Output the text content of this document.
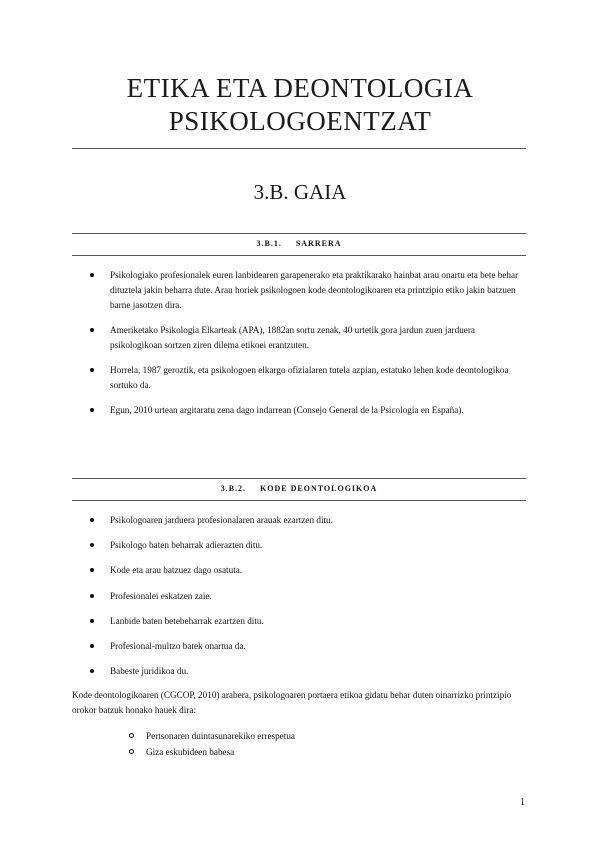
ETIKA ETA DEONTOLOGIA
PSIKOLOGOENTZAT
3.B. GAIA
3.B.1. SARRERA
Psikologiako profesionalek euren lanbidearen garapenerako eta praktikarako hainbat arau onartu eta bete behar dituztela jakin beharra dute. Arau horiek psikologoen kode deontologikoaren eta printzipio etiko jakin batzuen barne jasotzen dira.
Ameriketako Psikologia Elkarteak (APA), 1882an sortu zenak, 40 urtetik gora jardun zuen jarduera psikologikoan sortzen ziren dilema etikoei erantzuten.
Horrela, 1987 geroztik, eta psikologoen elkargo ofizialaren tutela azpian, estatuko lehen kode deontologikoa sortuko da.
Egun, 2010 urtean argitaratu zena dago indarrean (Consejo General de la Psicología en España).
3.B.2. KODE DEONTOLOGIKOA
Psikologoaren jarduera profesionalaren arauak ezartzen ditu.
Psikologo baten beharrak adierazten ditu.
Kode eta arau batzuez dago osatuta.
Profesionalei eskatzen zaie.
Lanbide baten betebeharrak ezartzen ditu.
Profesional-multzo batek onartua da.
Babeste juridikoa du.
Kode deontologikoaren (CGCOP, 2010) arabera, psikologoaren portaera etikoa gidatu behar duten oinarrizko printzipio orokor batzuk honako hauek dira:
Pertsonaren duintasunarekiko errespetua
Giza eskubideen babesa
1
